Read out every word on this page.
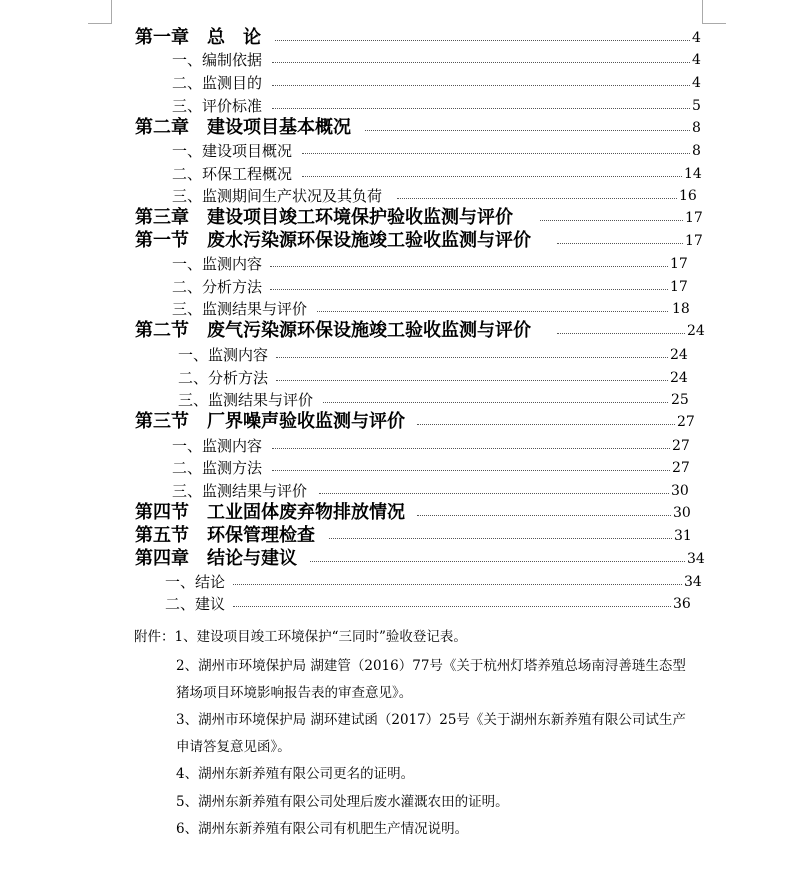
第一章　总　论	4
一、编制依据	4
二、监测目的	4
三、评价标准	5
第二章　建设项目基本概况	8
一、建设项目概况	8
二、环保工程概况	14
三、监测期间生产状况及其负荷	16
第三章　建设项目竣工环境保护验收监测与评价	17
第一节　废水污染源环保设施竣工验收监测与评价	17
一、监测内容	17
二、分析方法	17
三、监测结果与评价	18
第二节　废气污染源环保设施竣工验收监测与评价	24
一、监测内容	24
二、分析方法	24
三、监测结果与评价	25
第三节　厂界噪声验收监测与评价	27
一、监测内容	27
二、监测方法	27
三、监测结果与评价	30
第四节　工业固体废弃物排放情况	30
第五节　环保管理检查	31
第四章　结论与建议	34
一、结论	34
二、建议	36
附件：1、建设项目竣工环境保护“三同时”验收登记表。
2、湖州市环境保护局 湖建管（2016）77号《关于杭州灯塔养殖总场南浔善琏生态型
猪场项目环境影响报告表的审查意见》。
3、湖州市环境保护局 湖环建试函（2017）25号《关于湖州东新养殖有限公司试生产
申请答复意见函》。
4、湖州东新养殖有限公司更名的证明。
5、湖州东新养殖有限公司处理后废水灌溉农田的证明。
6、湖州东新养殖有限公司有机肥生产情况说明。
